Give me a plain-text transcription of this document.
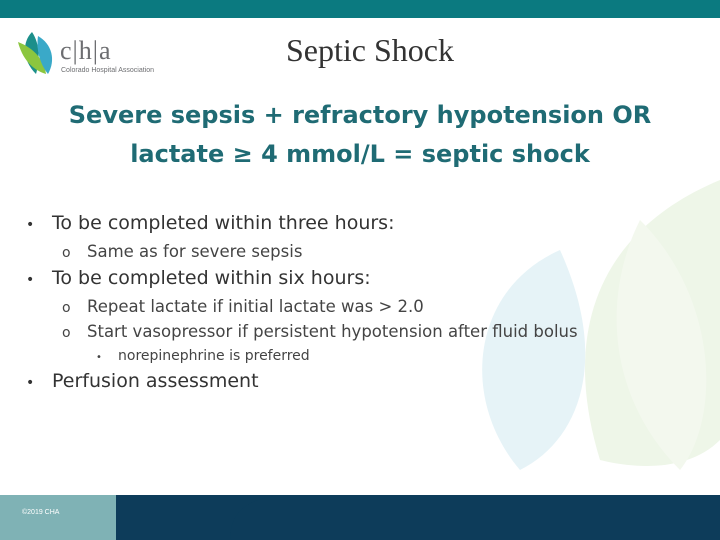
c|h|a
Colorado Hospital Association
Septic Shock
Severe sepsis + refractory hypotension OR
lactate ≥ 4 mmol/L = septic shock
• To be completed within three hours:
o Same as for severe sepsis
• To be completed within six hours:
o Repeat lactate if initial lactate was > 2.0
o Start vasopressor if persistent hypotension after fluid bolus
•	norepinephrine is preferred
• Perfusion assessment
©2019 CHA
